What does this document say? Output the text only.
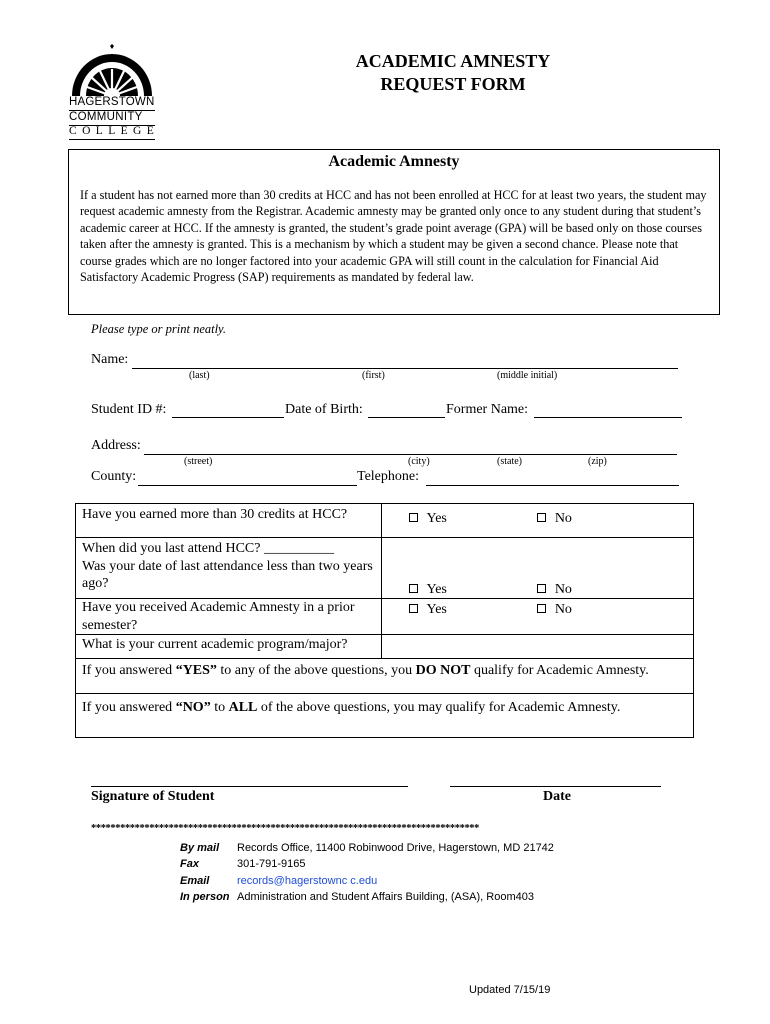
HAGERSTOWN
COMMUNITY
COLLEGE
ACADEMIC AMNESTY
REQUEST FORM
Academic Amnesty

If a student has not earned more than 30 credits at HCC and has not been enrolled at HCC for at least two years, the student may request academic amnesty from the Registrar. Academic amnesty may be granted only once to any student during that student’s academic career at HCC. If the amnesty is granted, the student’s grade point average (GPA) will be based only on those courses taken after the amnesty is granted. This is a mechanism by which a student may be given a second chance. Please note that course grades which are no longer factored into your academic GPA will still count in the calculation for Financial Aid Satisfactory Academic Progress (SAP) requirements as mandated by federal law.

Please type or print neatly.
Name:
(last)	(first)	(middle initial)
Student ID #:	Date of Birth:	Former Name:
Address:
(street)	(city)	(state)	(zip)
County:	Telephone:
Have you earned more than 30 credits at HCC?	Yes	No

When did you last attend HCC? __________
Was your date of last attendance less than two years ago?	Yes	No
Have you received Academic Amnesty in a prior semester?	Yes	No
What is your current academic program/major?		
If you answered “YES” to any of the above questions, you DO NOT qualify for Academic Amnesty.		
If you answered “NO” to ALL of the above questions, you may qualify for Academic Amnesty.		
Signature of Student	Date
********************************************************************************
By mail Records Office, 11400 Robinwood Drive, Hagerstown, MD 21742
Fax	301-791-9165
Email	records@hagerstownc c.edu
In person Administration and Student Affairs Building, (ASA), Room403
Updated 7/15/19
